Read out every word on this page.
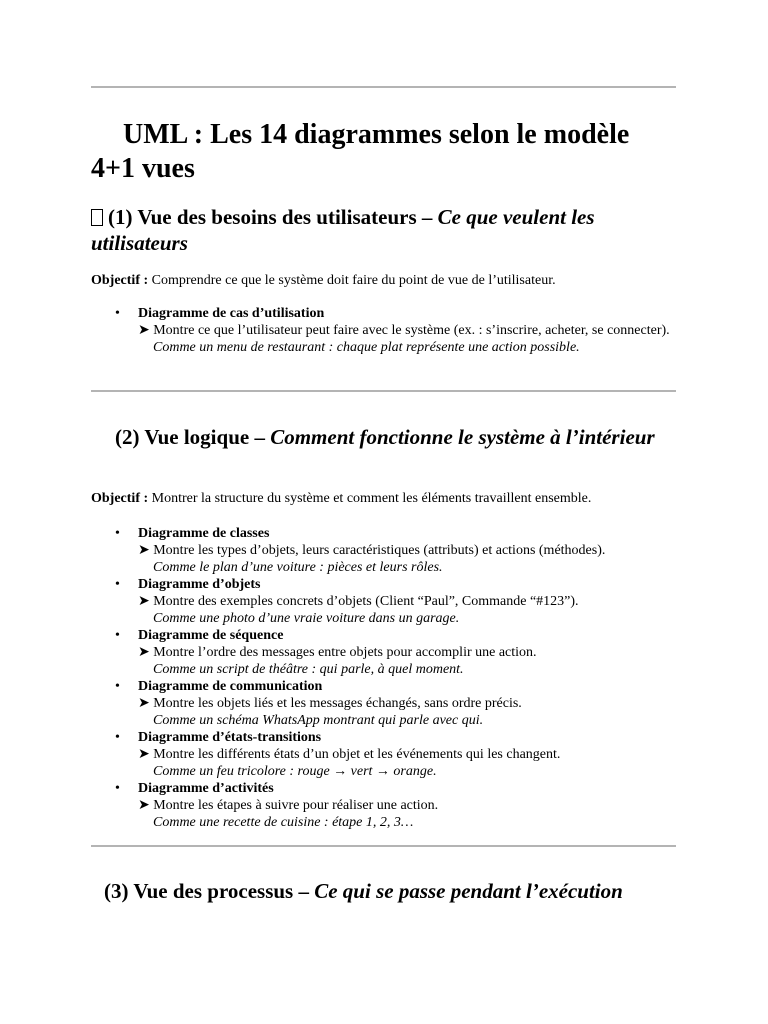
UML : Les 14 diagrammes selon le modèle 4+1 vues
(1) Vue des besoins des utilisateurs – Ce que veulent les utilisateurs

Objectif : Comprendre ce que le système doit faire du point de vue de l’utilisateur.

• Diagramme de cas d’utilisation
➤ Montre ce que l’utilisateur peut faire avec le système (ex. : s’inscrire, acheter, se connecter).
Comme un menu de restaurant : chaque plat représente une action possible.
(2) Vue logique – Comment fonctionne le système à l’intérieur

Objectif : Montrer la structure du système et comment les éléments travaillent ensemble.

• Diagramme de classes
➤ Montre les types d’objets, leurs caractéristiques (attributs) et actions (méthodes).
Comme le plan d’une voiture : pièces et leurs rôles.
• Diagramme d’objets
➤ Montre des exemples concrets d’objets (Client “Paul”, Commande “#123”).
Comme une photo d’une vraie voiture dans un garage.
• Diagramme de séquence
➤ Montre l’ordre des messages entre objets pour accomplir une action.
Comme un script de théâtre : qui parle, à quel moment.
• Diagramme de communication
➤ Montre les objets liés et les messages échangés, sans ordre précis.
Comme un schéma WhatsApp montrant qui parle avec qui.
• Diagramme d’états-transitions
➤ Montre les différents états d’un objet et les événements qui les changent.
Comme un feu tricolore : rouge → vert → orange.
• Diagramme d’activités
➤ Montre les étapes à suivre pour réaliser une action.
Comme une recette de cuisine : étape 1, 2, 3…
(3) Vue des processus – Ce qui se passe pendant l’exécution
